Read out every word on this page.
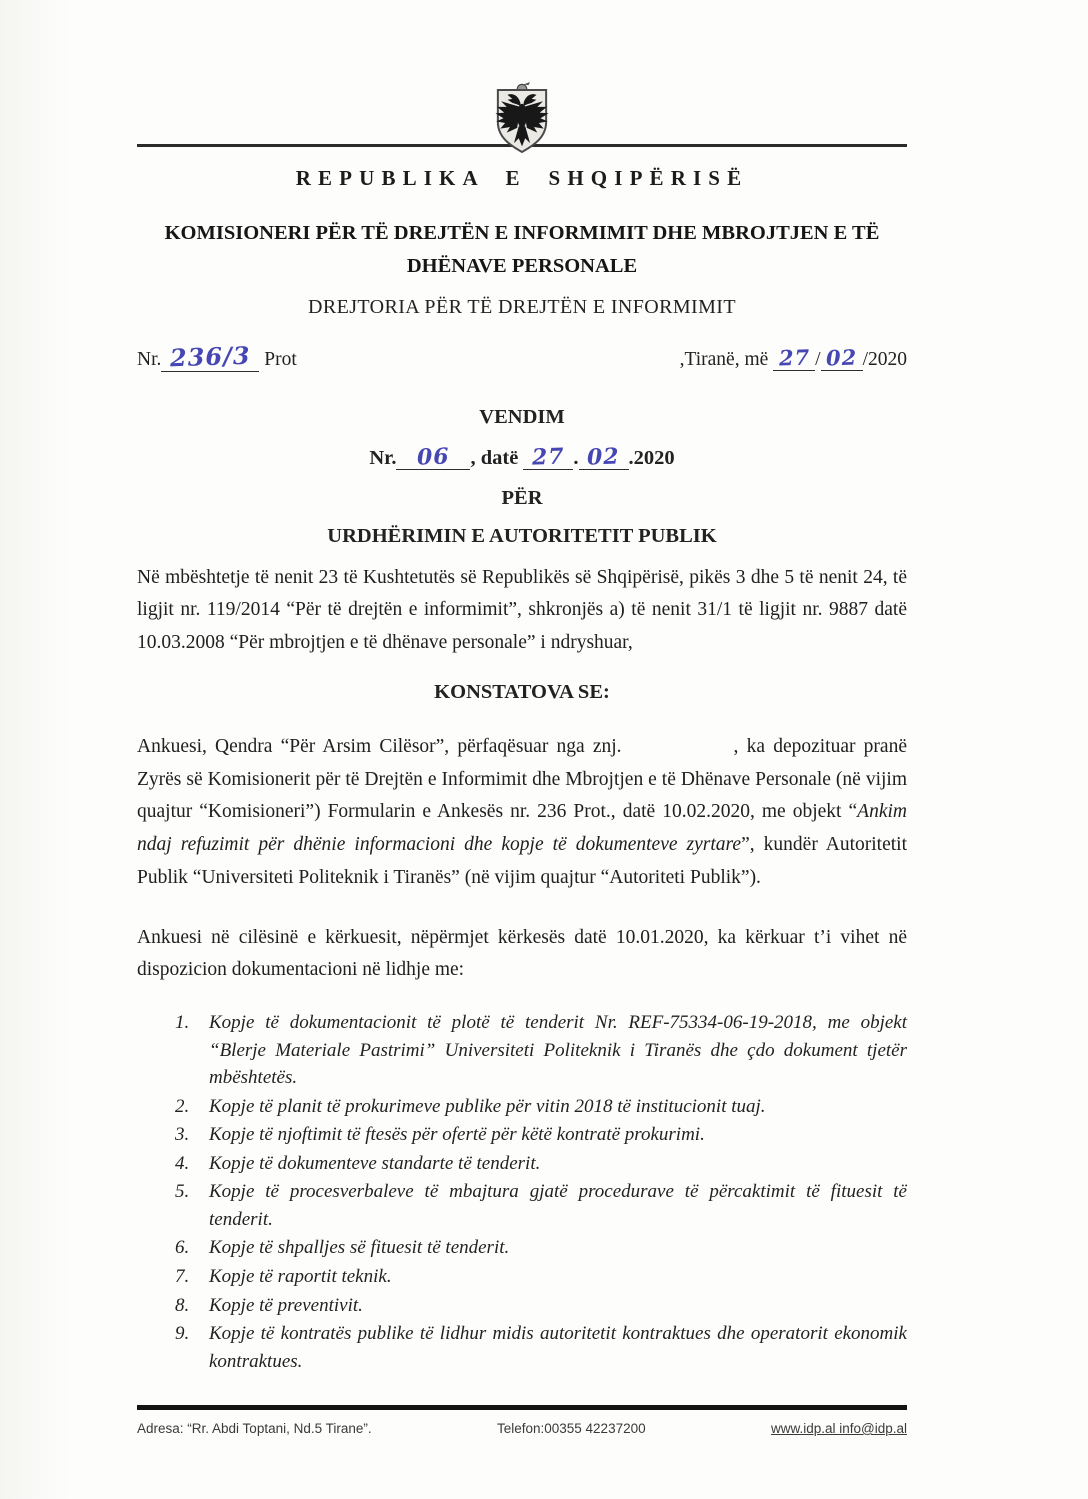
REPUBLIKA E SHQIPËRISË
KOMISIONERI PËR TË DREJTËN E INFORMIMIT DHE MBROJTJEN E TË DHËNAVE PERSONALE
DREJTORIA PËR TË DREJTËN E INFORMIMIT
Nr. 236/3 Prot	,Tiranë, më 27 / 02 /2020
VENDIM
Nr. 06 , datë 27 . 02 .2020
PËR
URDHËRIMIN E AUTORITETIT PUBLIK

Në mbështetje të nenit 23 të Kushtetutës së Republikës së Shqipërisë, pikës 3 dhe 5 të nenit 24, të ligjit nr. 119/2014 “Për të drejtën e informimit”, shkronjës a) të nenit 31/1 të ligjit nr. 9887 datë 10.03.2008 “Për mbrojtjen e të dhënave personale” i ndryshuar,

KONSTATOVA SE:

Ankuesi, Qendra “Për Arsim Cilësor”, përfaqësuar nga znj.	, ka depozituar pranë Zyrës së Komisionerit për të Drejtën e Informimit dhe Mbrojtjen e të Dhënave Personale (në vijim quajtur “Komisioneri”) Formularin e Ankesës nr. 236 Prot., datë 10.02.2020, me objekt “Ankim ndaj refuzimit për dhënie informacioni dhe kopje të dokumenteve zyrtare”, kundër Autoritetit Publik “Universiteti Politeknik i Tiranës” (në vijim quajtur “Autoriteti Publik”).

Ankuesi në cilësinë e kërkuesit, nëpërmjet kërkesës datë 10.01.2020, ka kërkuar t’i vihet në dispozicion dokumentacioni në lidhje me:

Kopje të dokumentacionit të plotë të tenderit Nr. REF-75334-06-19-2018, me objekt “Blerje Materiale Pastrimi” Universiteti Politeknik i Tiranës dhe çdo dokument tjetër mbështetës.
Kopje të planit të prokurimeve publike për vitin 2018 të institucionit tuaj.
Kopje të njoftimit të ftesës për ofertë për këtë kontratë prokurimi.
Kopje të dokumenteve standarte të tenderit.
Kopje të procesverbaleve të mbajtura gjatë procedurave të përcaktimit të fituesit të tenderit.
Kopje të shpalljes së fituesit të tenderit.
Kopje të raportit teknik.
Kopje të preventivit.
Kopje të kontratës publike të lidhur midis autoritetit kontraktues dhe operatorit ekonomik kontraktues.
Adresa: “Rr. Abdi Toptani, Nd.5 Tirane”.	Telefon:00355 42237200	www.idp.al info@idp.al
